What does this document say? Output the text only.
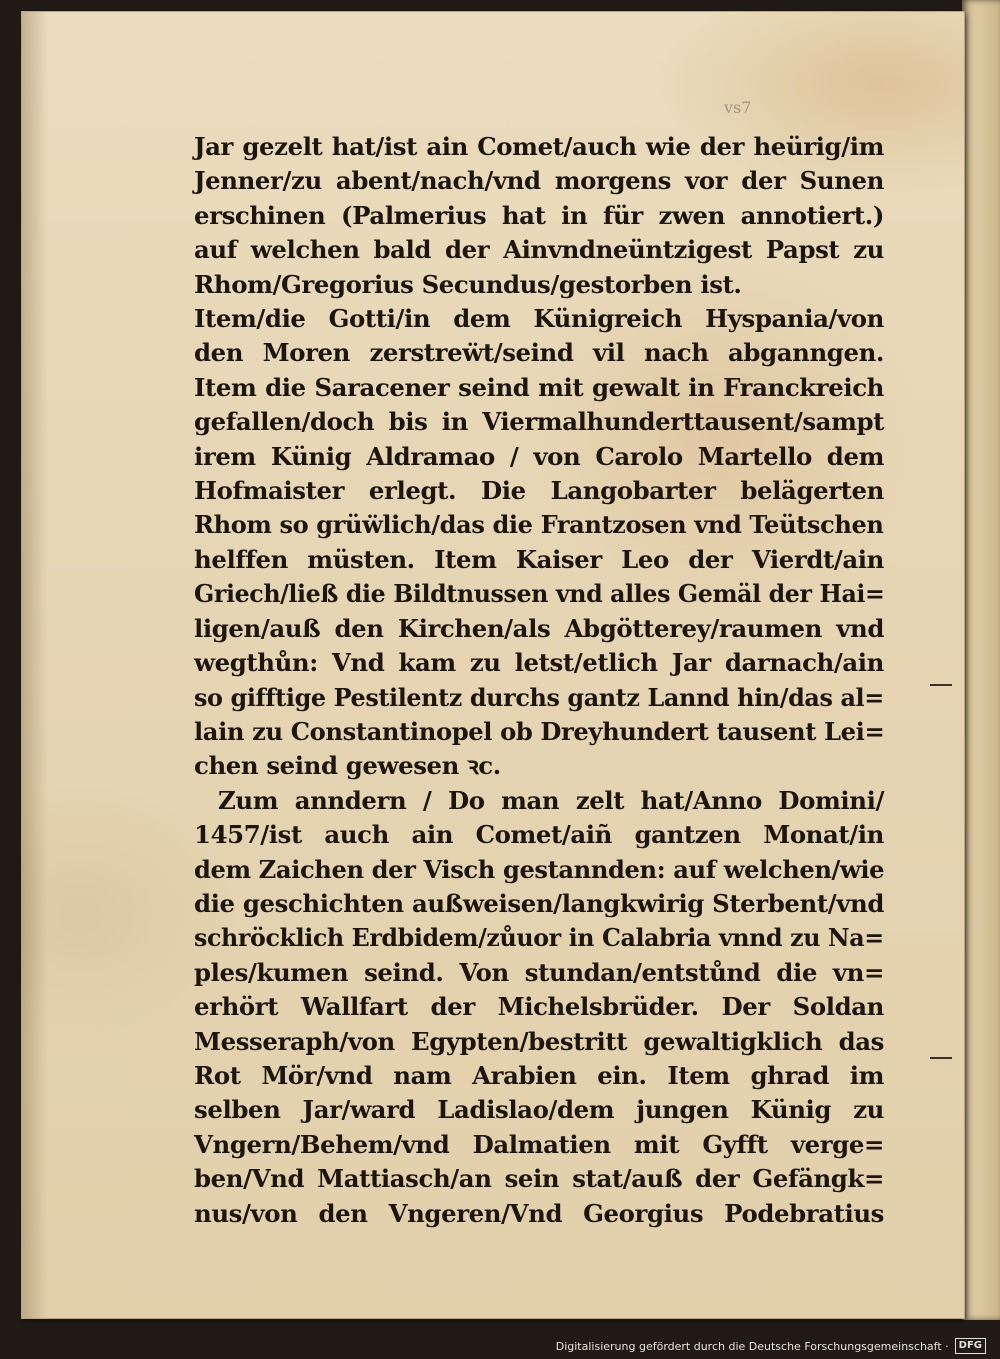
vs7
Jar gezelt hat/ist ain Comet/auch wie der heürig/im
Jenner/zu abent/nach/vnd morgens vor der Sunen
erschinen (Palmerius hat in für zwen annotiert.)
auf welchen bald der Ainvndneüntzigest Papst zu
Rhom/Gregorius Secundus/gestorben ist.
Item/die Gotti/in dem Künigreich Hyspania/von
den Moren zerstreẅt/seind vil nach abganngen.
Item die Saracener seind mit gewalt in Franckreich
gefallen/doch bis in Viermalhunderttausent/sampt
irem Künig Aldramao / von Carolo Martello dem
Hofmaister erlegt. Die Langobarter belägerten
Rhom so grüẅlich/das die Frantzosen vnd Teütschen
helffen müsten. Item Kaiser Leo der Vierdt/ain
Griech/ließ die Bildtnussen vnd alles Gemäl der Hai=
ligen/auß den Kirchen/als Abgötterey/raumen vnd
wegthůn: Vnd kam zu letst/etlich Jar darnach/ain
so gifftige Pestilentz durchs gantz Lannd hin/das al=
lain zu Constantinopel ob Dreyhundert tausent Lei=
chen seind gewesen ꝛc.
Zum anndern / Do man zelt hat/Anno Domini/
1457/ist auch ain Comet/aiñ gantzen Monat/in
dem Zaichen der Visch gestannden: auf welchen/wie
die geschichten außweisen/langkwirig Sterbent/vnd
schröcklich Erdbidem/zůuor in Calabria vnnd zu Na=
ples/kumen seind. Von stundan/entstůnd die vn=
erhört Wallfart der Michelsbrüder. Der Soldan
Messeraph/von Egypten/bestritt gewaltigklich das
Rot Mör/vnd nam Arabien ein. Item ghrad im
selben Jar/ward Ladislao/dem jungen Künig zu
Vngern/Behem/vnd Dalmatien mit Gyfft verge=
ben/Vnd Mattiasch/an sein stat/auß der Gefängk=
nus/von den Vngeren/Vnd Georgius Podebratius
Digitalisierung gefördert durch die Deutsche Forschungsgemeinschaft ·	DFG
